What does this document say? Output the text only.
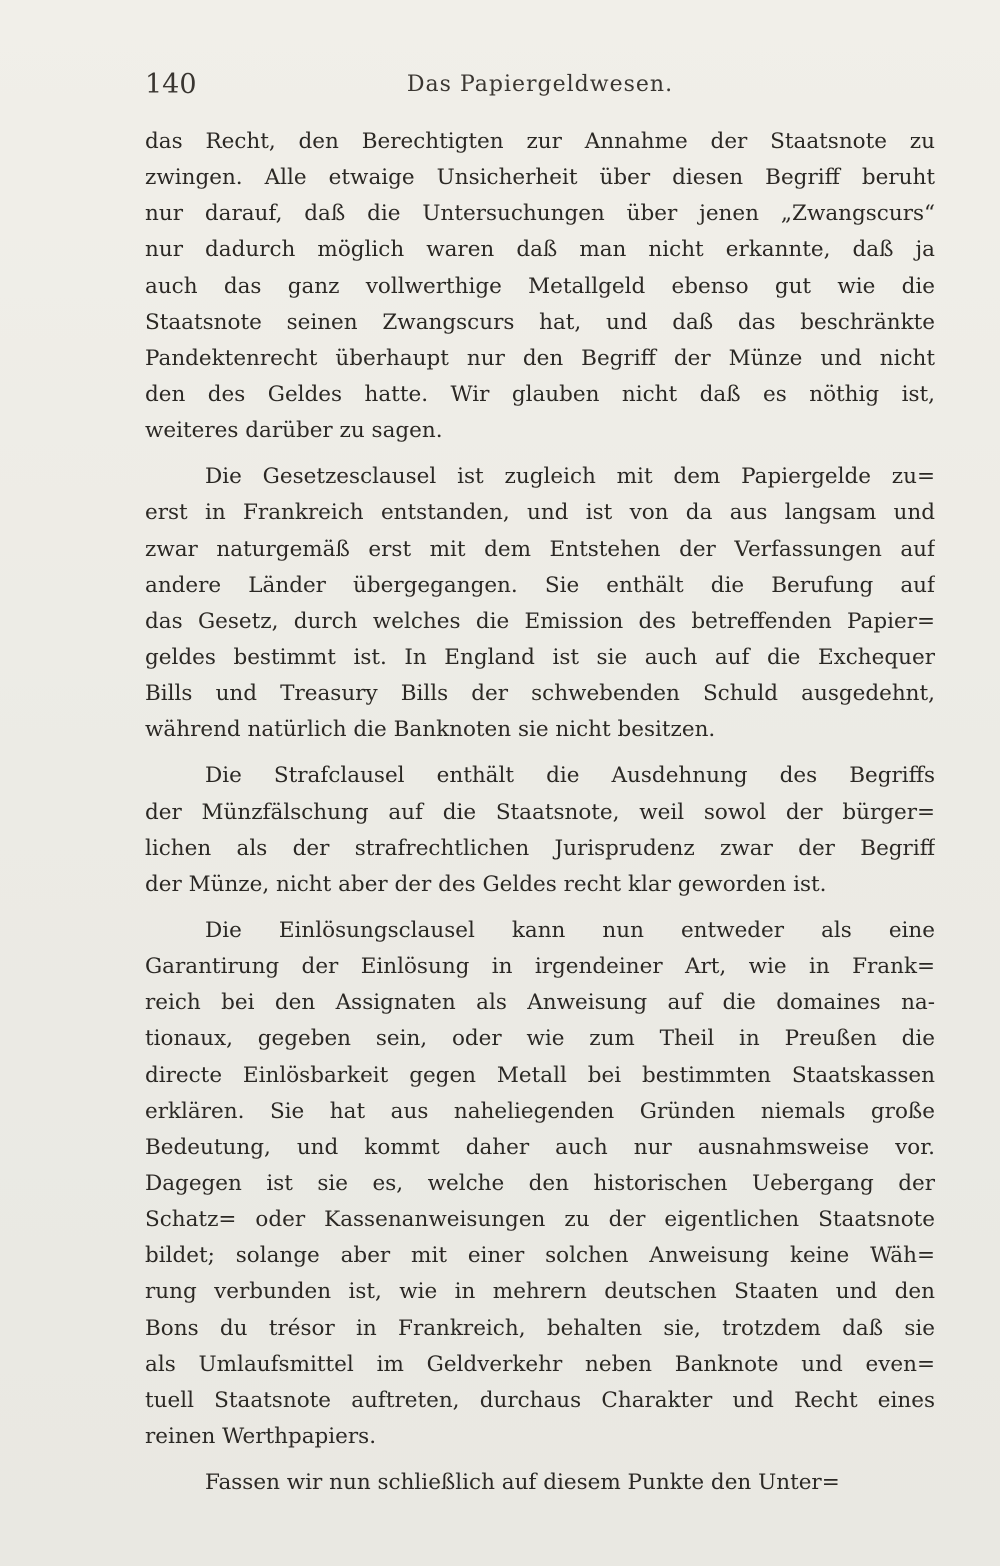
140	Das Papiergeldwesen.
das Recht, den Berechtigten zur Annahme der Staatsnote zu
zwingen. Alle etwaige Unsicherheit über diesen Begriff beruht
nur darauf, daß die Untersuchungen über jenen „Zwangscurs“
nur dadurch möglich waren daß man nicht erkannte, daß ja
auch das ganz vollwerthige Metallgeld ebenso gut wie die
Staatsnote seinen Zwangscurs hat, und daß das beschränkte
Pandektenrecht überhaupt nur den Begriff der Münze und nicht
den des Geldes hatte. Wir glauben nicht daß es nöthig ist,
weiteres darüber zu sagen.
Die Gesetzesclausel ist zugleich mit dem Papiergelde zu=
erst in Frankreich entstanden, und ist von da aus langsam und
zwar naturgemäß erst mit dem Entstehen der Verfassungen auf
andere Länder übergegangen. Sie enthält die Berufung auf
das Gesetz, durch welches die Emission des betreffenden Papier=
geldes bestimmt ist. In England ist sie auch auf die Exchequer
Bills und Treasury Bills der schwebenden Schuld ausgedehnt,
während natürlich die Banknoten sie nicht besitzen.
Die Strafclausel enthält die Ausdehnung des Begriffs
der Münzfälschung auf die Staatsnote, weil sowol der bürger=
lichen als der strafrechtlichen Jurisprudenz zwar der Begriff
der Münze, nicht aber der des Geldes recht klar geworden ist.
Die Einlösungsclausel kann nun entweder als eine
Garantirung der Einlösung in irgendeiner Art, wie in Frank=
reich bei den Assignaten als Anweisung auf die domaines na-
tionaux, gegeben sein, oder wie zum Theil in Preußen die
directe Einlösbarkeit gegen Metall bei bestimmten Staatskassen
erklären. Sie hat aus naheliegenden Gründen niemals große
Bedeutung, und kommt daher auch nur ausnahmsweise vor.
Dagegen ist sie es, welche den historischen Uebergang der
Schatz= oder Kassenanweisungen zu der eigentlichen Staatsnote
bildet; solange aber mit einer solchen Anweisung keine Wäh=
rung verbunden ist, wie in mehrern deutschen Staaten und den
Bons du trésor in Frankreich, behalten sie, trotzdem daß sie
als Umlaufsmittel im Geldverkehr neben Banknote und even=
tuell Staatsnote auftreten, durchaus Charakter und Recht eines
reinen Werthpapiers.
Fassen wir nun schließlich auf diesem Punkte den Unter=
